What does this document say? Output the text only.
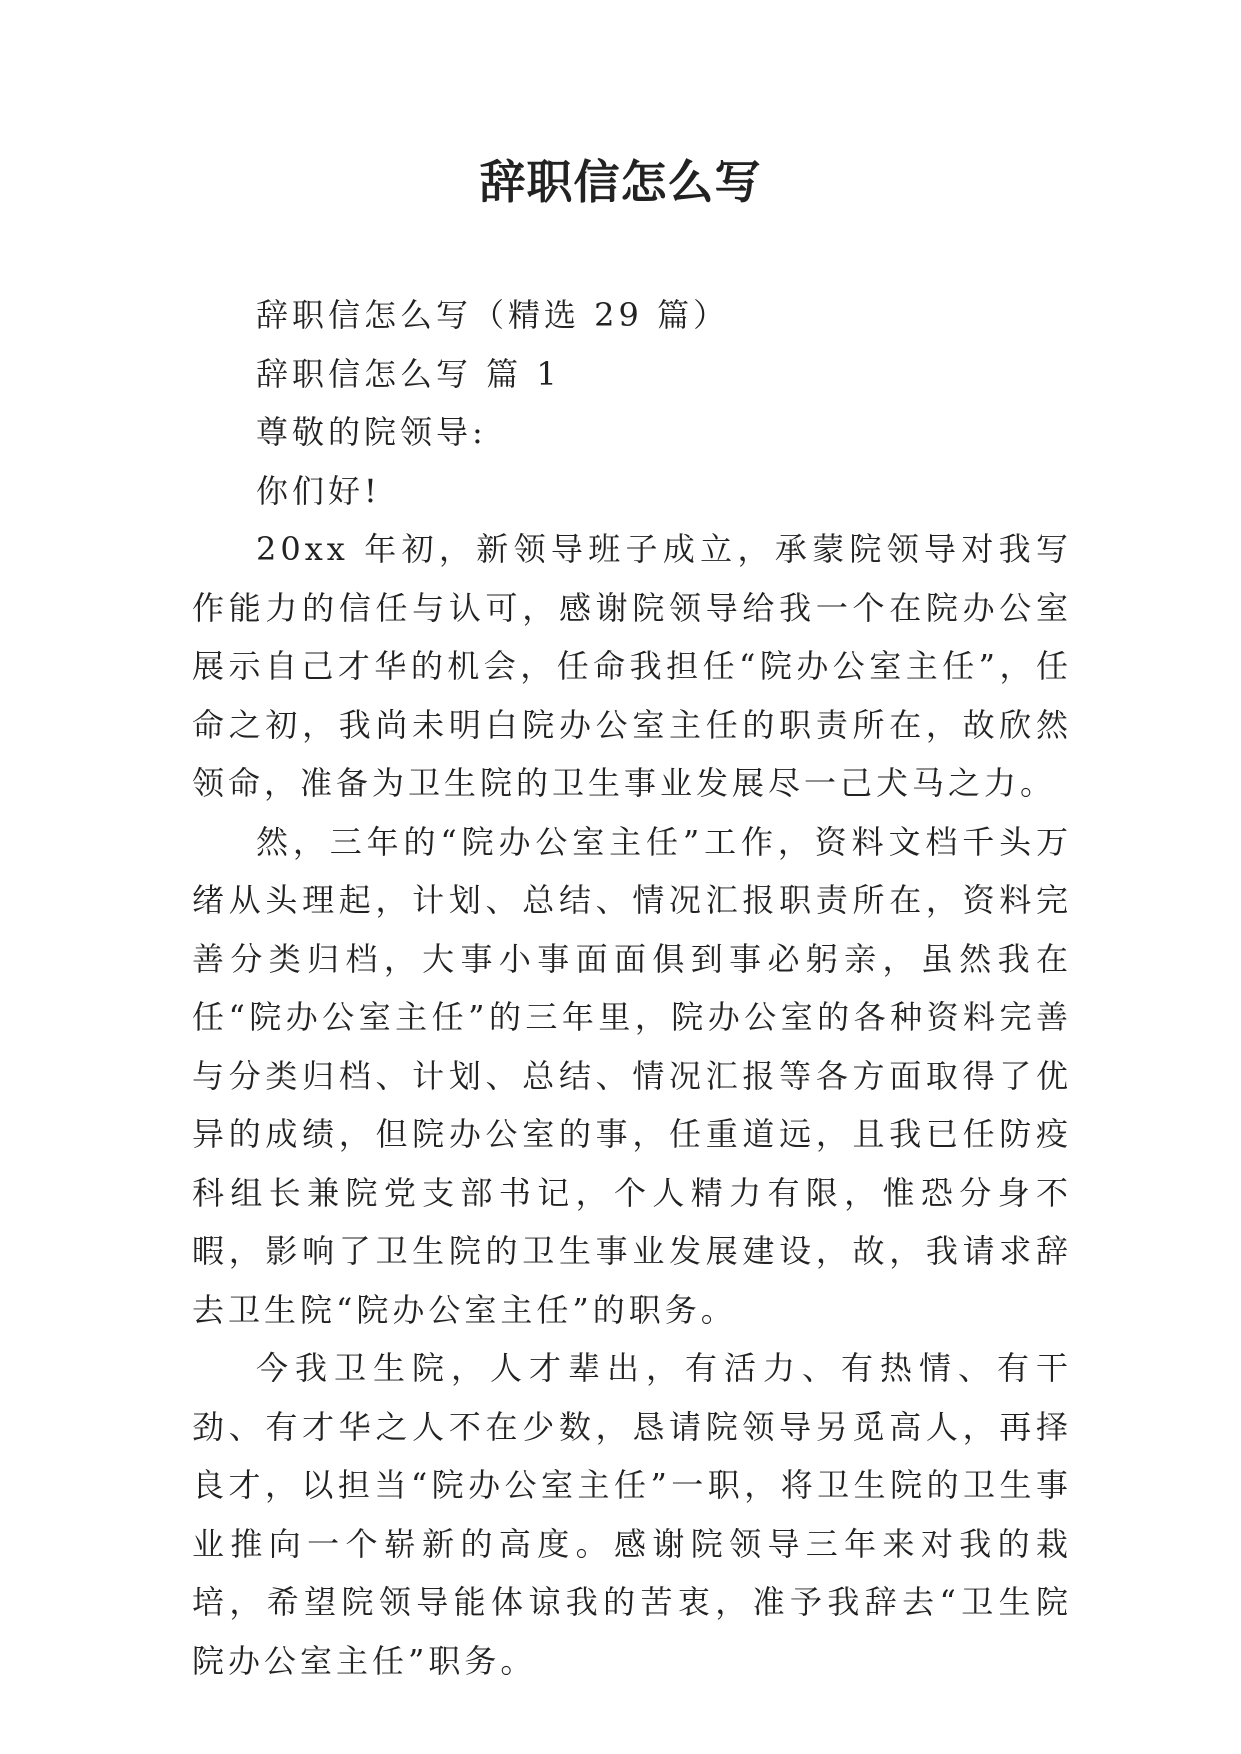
辞职信怎么写

辞职信怎么写（精选 29 篇）

辞职信怎么写 篇 1

尊敬的院领导:

你们好!

20xx 年初，新领导班子成立，承蒙院领导对我写作能力的信任与认可，感谢院领导给我一个在院办公室展示自己才华的机会，任命我担任“院办公室主任”，任命之初，我尚未明白院办公室主任的职责所在，故欣然领命，准备为卫生院的卫生事业发展尽一己犬马之力。

然，三年的“院办公室主任”工作，资料文档千头万绪从头理起，计划、总结、情况汇报职责所在，资料完善分类归档，大事小事面面俱到事必躬亲，虽然我在任“院办公室主任”的三年里，院办公室的各种资料完善与分类归档、计划、总结、情况汇报等各方面取得了优异的成绩，但院办公室的事，任重道远，且我已任防疫科组长兼院党支部书记，个人精力有限，惟恐分身不暇，影响了卫生院的卫生事业发展建设，故，我请求辞去卫生院“院办公室主任”的职务。

今我卫生院，人才辈出，有活力、有热情、有干劲、有才华之人不在少数，恳请院领导另觅高人，再择良才，以担当“院办公室主任”一职，将卫生院的卫生事业推向一个崭新的高度。感谢院领导三年来对我的栽培，希望院领导能体谅我的苦衷，准予我辞去“卫生院院办公室主任”职务。
